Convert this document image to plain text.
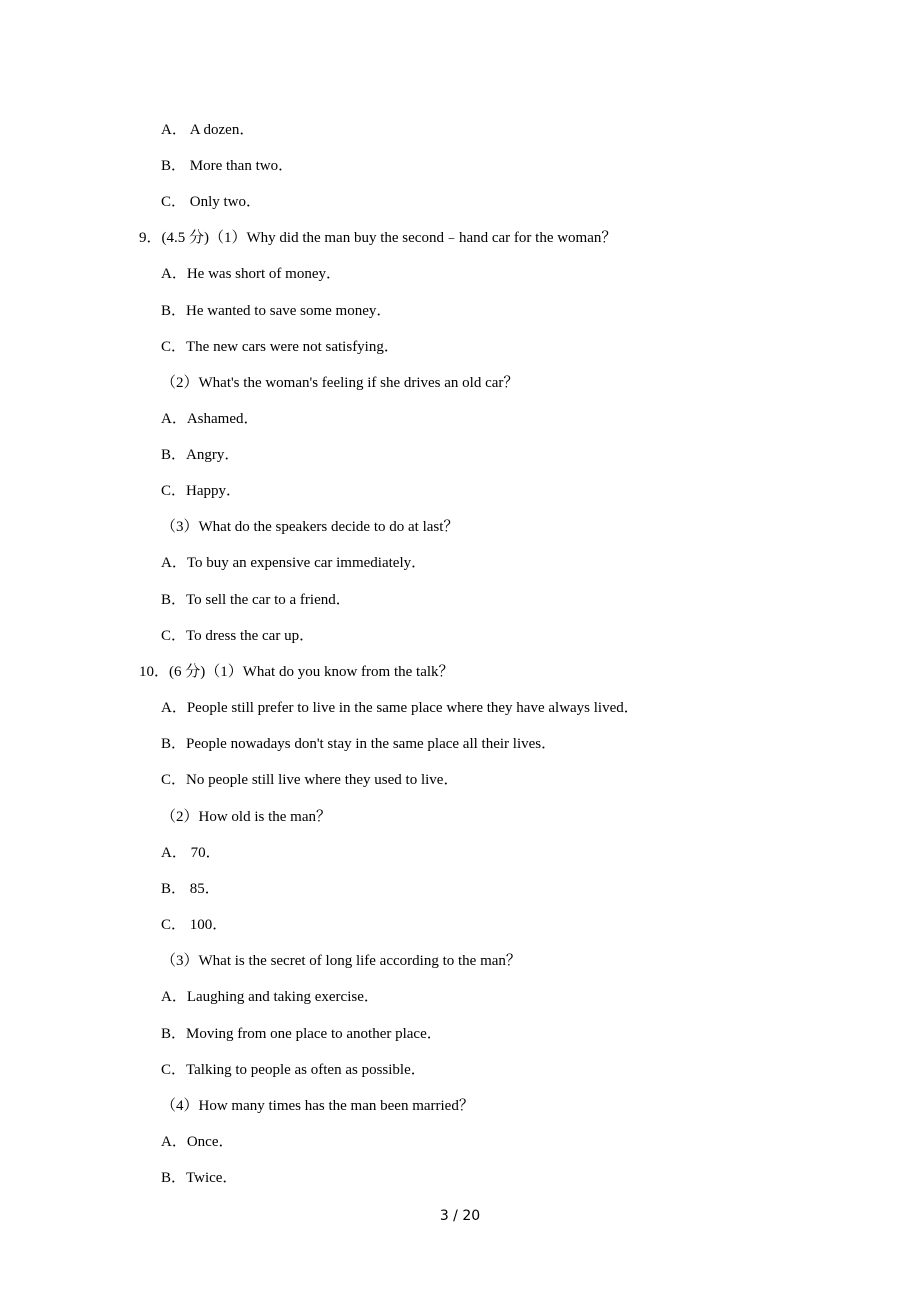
A． A dozen．
B． More than two．
C． Only two．
9．(4.5 分)（1）Why did the man buy the second﹣hand car for the woman？
A．He was short of money．
B．He wanted to save some money．
C．The new cars were not satisfying．
（2）What's the woman's feeling if she drives an old car？
A．Ashamed．
B．Angry．
C．Happy．
（3）What do the speakers decide to do at last？
A．To buy an expensive car immediately．
B．To sell the car to a friend．
C．To dress the car up．
10．(6 分)（1）What do you know from the talk？
A．People still prefer to live in the same place where they have always lived．
B．People nowadays don't stay in the same place all their lives．
C．No people still live where they used to live．
（2）How old is the man？
A． 70．
B． 85．
C． 100．
（3）What is the secret of long life according to the man？
A．Laughing and taking exercise．
B．Moving from one place to another place．
C．Talking to people as often as possible．
（4）How many times has the man been married？
A．Once．
B．Twice．
3 / 20
